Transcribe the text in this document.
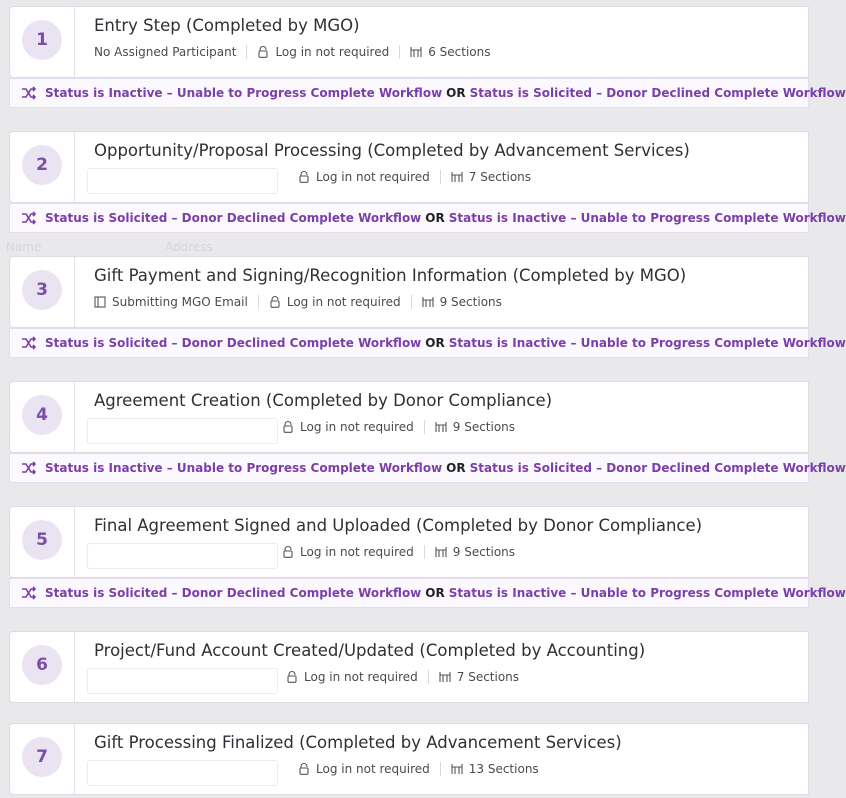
Name	Address
1
Entry Step (Completed by MGO)
No Assigned Participant	Log in not required	6 Sections
Status is Inactive – Unable to Progress Complete Workflow OR Status is Solicited – Donor Declined Complete Workflow
2
Opportunity/Proposal Processing (Completed by Advancement Services)
Log in not required	7 Sections
Status is Solicited – Donor Declined Complete Workflow OR Status is Inactive – Unable to Progress Complete Workflow
3
Gift Payment and Signing/Recognition Information (Completed by MGO)
Submitting MGO Email	Log in not required	9 Sections
Status is Solicited – Donor Declined Complete Workflow OR Status is Inactive – Unable to Progress Complete Workflow
4
Agreement Creation (Completed by Donor Compliance)
Log in not required	9 Sections
Status is Inactive – Unable to Progress Complete Workflow OR Status is Solicited – Donor Declined Complete Workflow
5
Final Agreement Signed and Uploaded (Completed by Donor Compliance)
Log in not required	9 Sections
Status is Solicited – Donor Declined Complete Workflow OR Status is Inactive – Unable to Progress Complete Workflow
6
Project/Fund Account Created/Updated (Completed by Accounting)
Log in not required	7 Sections
7
Gift Processing Finalized (Completed by Advancement Services)
Log in not required	13 Sections
